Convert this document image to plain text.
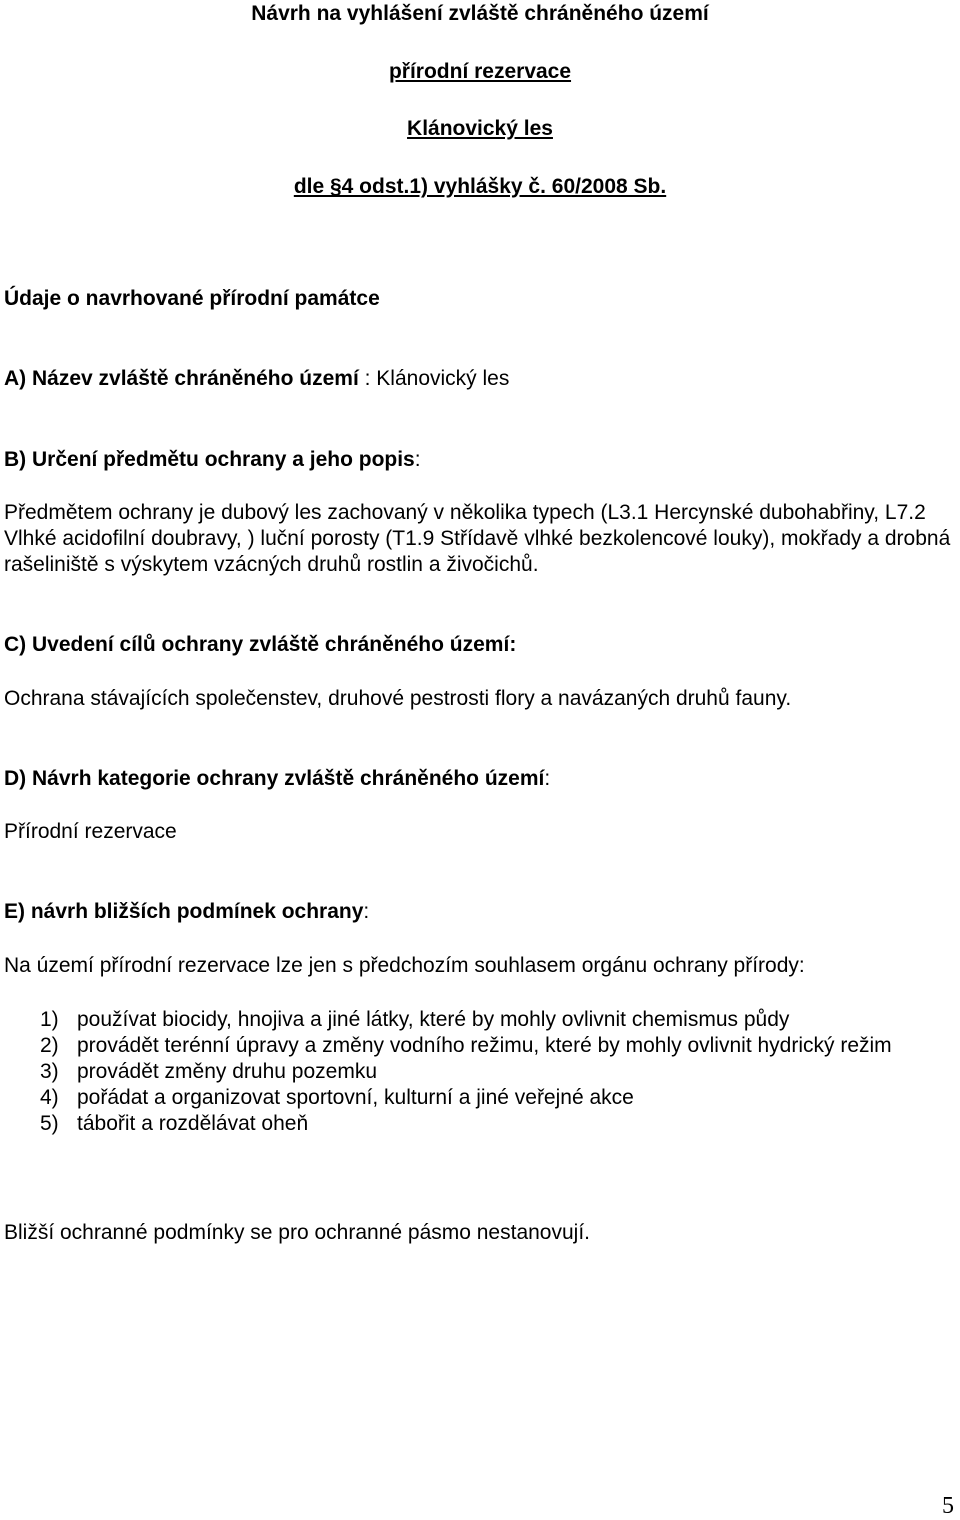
Návrh na vyhlášení zvláště chráněného území
přírodní rezervace
Klánovický les
dle §4 odst.1) vyhlášky č. 60/2008 Sb.
Údaje o navrhované přírodní památce
A) Název zvláště chráněného území : Klánovický les
B) Určení předmětu ochrany a jeho popis:
Předmětem ochrany je dubový les zachovaný v několika typech (L3.1 Hercynské dubohabřiny, L7.2 Vlhké acidofilní doubravy, ) luční porosty (T1.9 Střídavě vlhké bezkolencové louky), mokřady a drobná rašeliniště s výskytem vzácných druhů rostlin a živočichů.
C) Uvedení cílů ochrany zvláště chráněného území:
Ochrana stávajících společenstev, druhové pestrosti flory a navázaných druhů fauny.
D) Návrh kategorie ochrany zvláště chráněného území:
Přírodní rezervace
E) návrh bližších podmínek ochrany:
Na území přírodní rezervace lze jen s předchozím souhlasem orgánu ochrany přírody:
1) používat biocidy, hnojiva a jiné látky, které by mohly ovlivnit chemismus půdy
2) provádět terénní úpravy a změny vodního režimu, které by mohly ovlivnit hydrický režim
3) provádět změny druhu pozemku
4) pořádat a organizovat sportovní, kulturní a jiné veřejné akce
5) tábořit a rozdělávat oheň
Bližší ochranné podmínky se pro ochranné pásmo nestanovují.
5
